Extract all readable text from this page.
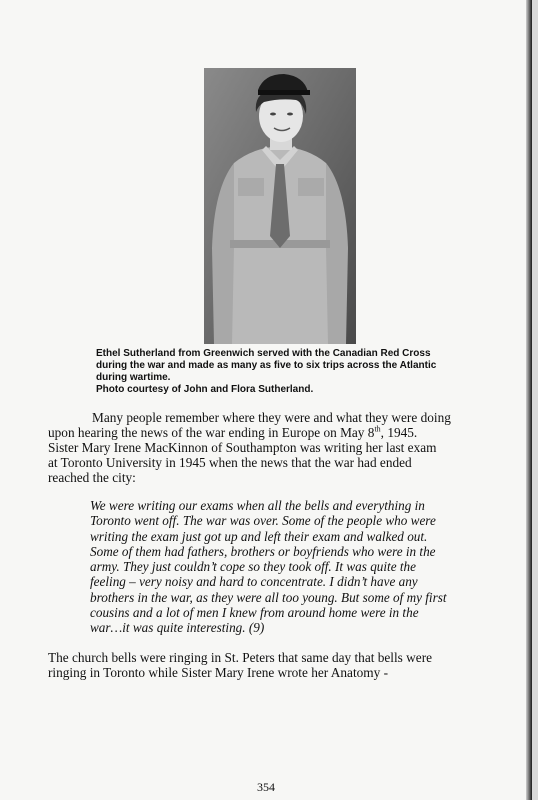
Ethel Sutherland from Greenwich served with the Canadian Red Cross
during the war and made as many as five to six trips across the Atlantic
during wartime.
Photo courtesy of John and Flora Sutherland.
Many people remember where they were and what they were doing
upon hearing the news of the war ending in Europe on May 8th, 1945.
Sister Mary Irene MacKinnon of Southampton was writing her last exam
at Toronto University in 1945 when the news that the war had ended
reached the city:
We were writing our exams when all the bells and everything in
Toronto went off. The war was over. Some of the people who were
writing the exam just got up and left their exam and walked out.
Some of them had fathers, brothers or boyfriends who were in the
army. They just couldn’t cope so they took off. It was quite the
feeling – very noisy and hard to concentrate. I didn’t have any
brothers in the war, as they were all too young. But some of my first
cousins and a lot of men I knew from around home were in the
war…it was quite interesting. (9)
The church bells were ringing in St. Peters that same day that bells were
ringing in Toronto while Sister Mary Irene wrote her Anatomy -
354
